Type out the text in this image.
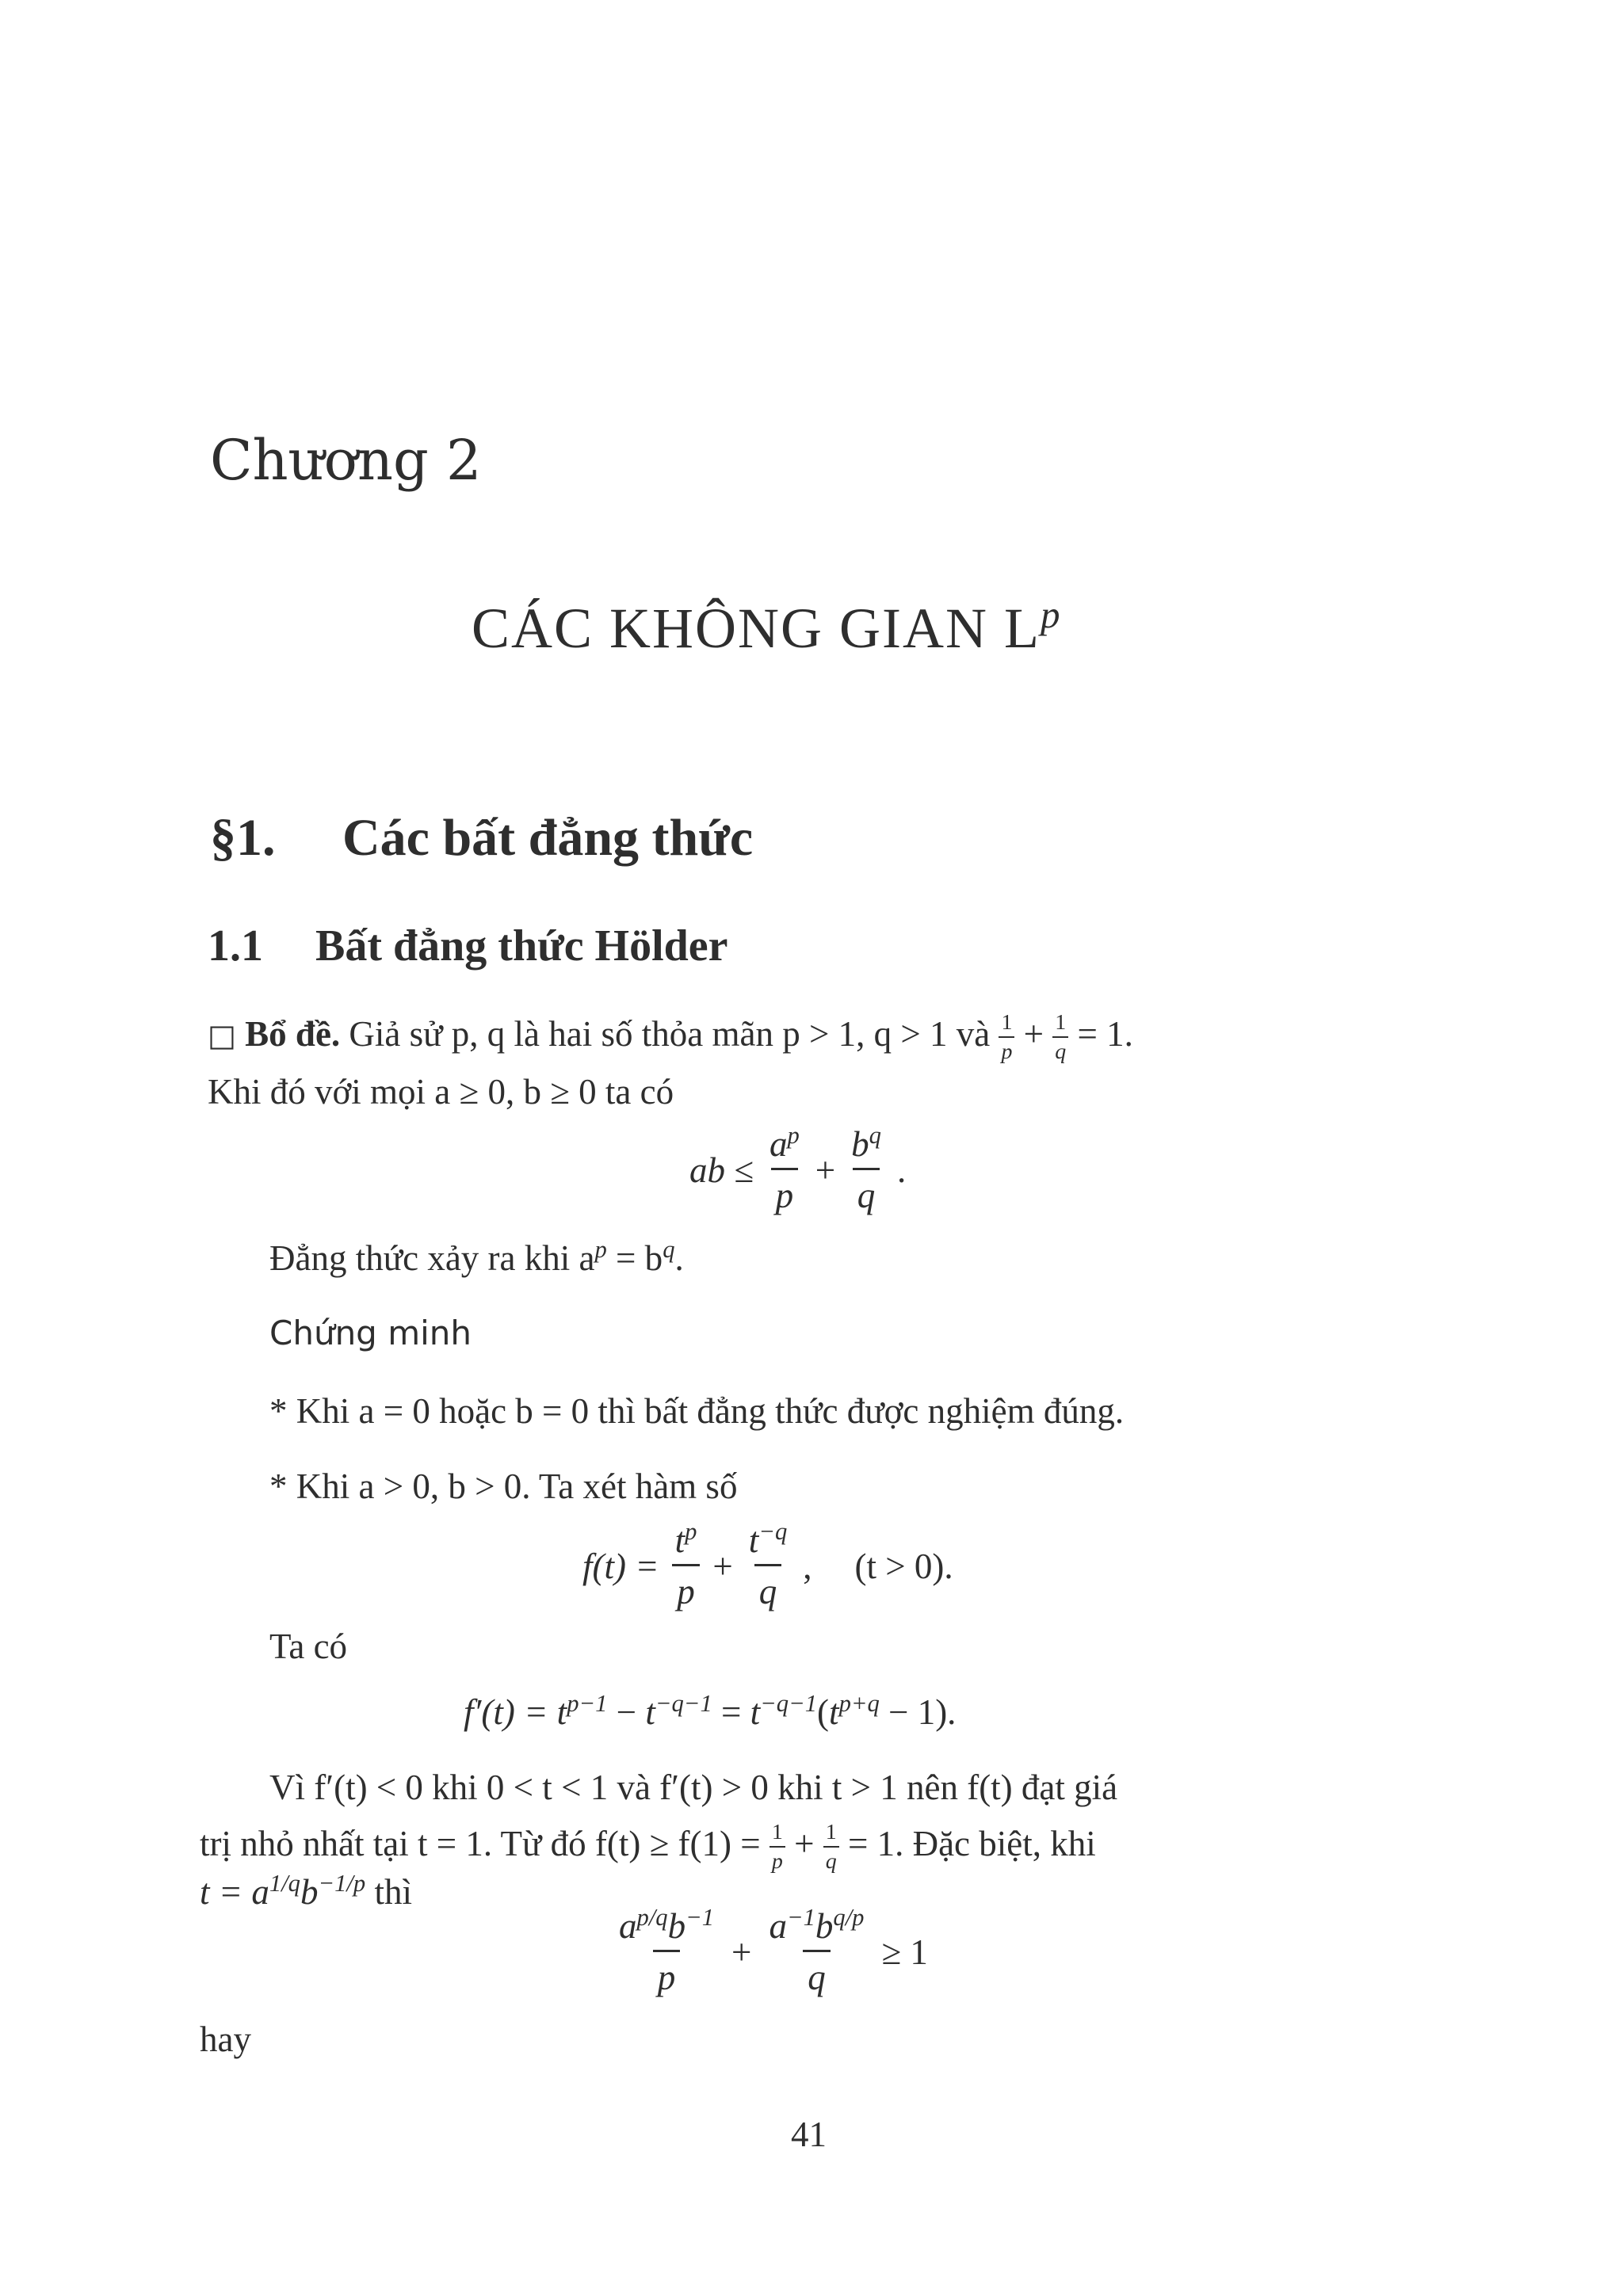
Chương 2
CÁC KHÔNG GIAN $L^p$
§1. Các bất đẳng thức
1.1 Bất đẳng thức Hölder
□ Bổ đề. Giả sử p, q là hai số thỏa mãn p > 1, q > 1 và $\frac{1}{p} + \frac{1}{q} = 1$.
Khi đó với mọi a ≥ 0, b ≥ 0 ta có
ab ≤ $\frac{a^p}{p} + \frac{b^q}{q}$ .
Đẳng thức xảy ra khi $a^p = b^q$.
Chứng minh
* Khi a = 0 hoặc b = 0 thì bất đẳng thức được nghiệm đúng.
* Khi a > 0, b > 0. Ta xét hàm số
$f(t) = \frac{t^p}{p} + \frac{t^{-q}}{q}$ , (t > 0).
Ta có
$f'(t) = t^{p-1} - t^{-q-1} = t^{-q-1}(t^{p+q} - 1)$.
Vì f′(t) < 0 khi 0 < t < 1 và f′(t) > 0 khi t > 1 nên f(t) đạt giá
trị nhỏ nhất tại t = 1. Từ đó $f(t) \ge f(1) = \frac{1}{p} + \frac{1}{q} = 1$. Đặc biệt, khi
$t = a^{1/q}b^{-1/p}$ thì
$\frac{a^{p/q}b^{-1}}{p} + \frac{a^{-1}b^{q/p}}{q} \ge 1$
hay
41
